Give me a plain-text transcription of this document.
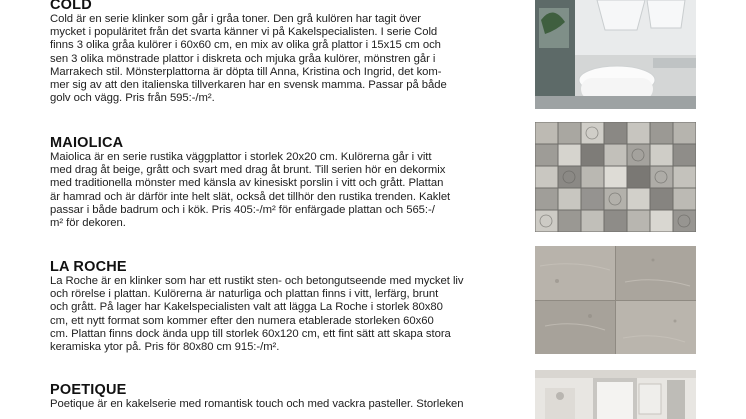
COLD

Cold är en serie klinker som går i gråa toner. Den grå kulören har tagit över
mycket i populäritet från det svarta känner vi på Kakelspecialisten. I serie Cold
finns 3 olika gråa kulörer i 60x60 cm, en mix av olika grå plattor i 15x15 cm och
sen 3 olika mönstrade plattor i diskreta och mjuka gråa kulörer, mönstren går i
Marrakech stil. Mönsterplattorna är döpta till Anna, Kristina och Ingrid, det kom-
mer sig av att den italienska tillverkaren har en svensk mamma. Passar på både
golv och vägg. Pris från 595:-/m².

MAIOLICA

Maiolica är en serie rustika väggplattor i storlek 20x20 cm. Kulörerna går i vitt
med drag åt beige, grått och svart med drag åt brunt. Till serien hör en dekormix
med traditionella mönster med känsla av kinesiskt porslin i vitt och grått. Plattan
är hamrad och är därför inte helt slät, också det tillhör den rustika trenden. Kaklet
passar i både badrum och i kök. Pris 405:-/m² för enfärgade plattan och 565:-/
m² för dekoren.

LA ROCHE

La Roche är en klinker som har ett rustikt sten- och betongutseende med mycket liv
och rörelse i plattan. Kulörerna är naturliga och plattan finns i vitt, lerfärg, brunt
och grått. På lager har Kakelspecialisten valt att lägga La Roche i storlek 80x80
cm, ett nytt format som kommer efter den numera etablerade storleken 60x60
cm. Plattan finns dock ända upp till storlek 60x120 cm, ett fint sätt att skapa stora
keramiska ytor på. Pris för 80x80 cm 915:-/m².

POETIQUE

Poetique är en kakelserie med romantisk touch och med vackra pasteller. Storleken
